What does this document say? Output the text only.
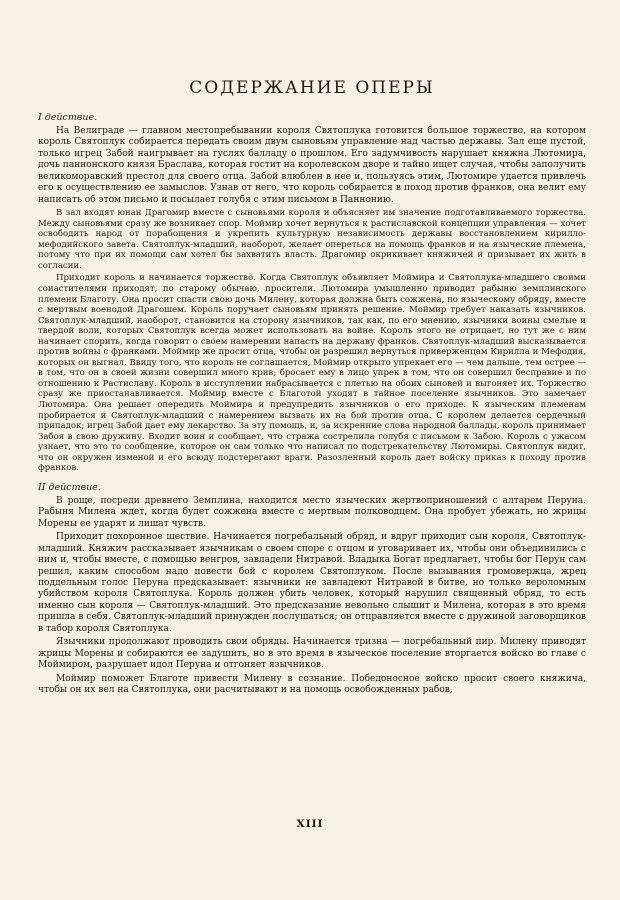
СОДЕРЖАНИЕ ОПЕРЫ
I действие.

На Велиграде — главном местопребывании короля Святоплука готовится большое торжество, на котором король Святоплук собирается передать своим двум сыновьям управление над частью державы. Зал еще пустой, только игрец Забой наигрывает на гуслях балладу о прошлом. Его задумчивость нарушает княжна Лютомира, дочь паннонского князя Браслава, которая гостит на королевском дворе и тайно ищет случая, чтобы заполучить великоморавский престол для своего отца. Забой влюблен в нее и, пользуясь этим, Лютомире удается привлечь его к осуществлению ее замыслов. Узнав от него, что король собирается в поход против франков, она велит ему написать об этом письмо и посылает голубя с этим письмом в Паннонию.

В зал входят юнан Драгомир вместе с сыновьями короля и объясняет им значение подготавливаемого торжества. Между сыновьями сразу же возникает спор. Моймир хочет вернуться к растиславской концепции управления — хочет освободить народ от порабощения и укрепить культурную независимость державы восстановлением кирилло-мефодийского завета. Святоплук-младший, наоборот, желает опереться на помощь франков и на языческие племена, потому что при их помощи сам хотел бы захватить власть. Драгомир окрикивает княжичей и призывает их жить в согласии.

Приходит король и начинается торжество. Когда Святоплук объявляет Моймира и Святоплука-младшего своими соиастителями приходят, по старому обычаю, просители. Лютомира умышленно приводит рабыню земплинского племени Благоту. Она просит спасти свою дочь Милену, которая должна быть сожжена, по языческому обряду, вместе с мертвым военодой Драгошем. Король поручает сыновьям принять решение. Моймир требует наказать язычников. Святоплук-младший, наоборот, становится на сторону язычников, так как, по его мнению, язычники воины смелые и твердой воли, которых Святоплук всегда может использовать на войне. Король этого не отрицает, но тут же с ним начинает спорить, когда говорит о своем намерении напасть на державу франков. Святоплук-младший высказывается против войны с франками. Моймир же просит отца, чтобы он разрешил вернуться приверженцам Кирилла и Мефодия, которых он выгнал. Ввиду того, что король не соглашается, Моймир открыто упрекает его — чем дальше, тем острее — в том, что он в своей жизни совершил много крив; бросает ему в лицо упрек в том, что он совершил бесправие и по отношению к Растиславу. Король в исступлении набрасывается с плетью на обоих сыновей и выгоняет их. Торжество сразу же приостанавливается. Моймир вместе с Благотой уходят в тайное поселение язычников. Это замечает Лютомира. Она решает опередить Моймира и предупредить язычников о его приходе. К языческим племенам пробирается и Святоплук-младший с намерением вызвать их на бой против отца. С королем делается сердечный припадок; игрец Забой дает ему лекарство. За эту помощь, и, за искренние слова народной баллады, король принимает Забоя в свою дружину. Входит воин и сообщает, что стража сострелила голубя с письмом к Забою. Король с ужасом узнает, что это то сообщение, которое он сам только что написал по подстрекательству Лютомиры. Святоплук видит, что он окружен изменой и его всюду подстерегают враги. Разозленный король дает войску приказ к походу против франков.

II действие.

В роще, посреди древнего Земплина, находится место языческих жертвоприношений с алтарем Перуна. Рабыня Милена ждет, когда будет сожжена вместе с мертвым полководцем. Она пробует убежать, но жрицы Морены ее ударят и лишат чувств.

Приходит похоронное шествие. Начинается погребальный обряд, и вдруг приходит сын короля, Святоплук-младший. Княжич рассказывает язычникам о своем споре с отцом и уговаривает их, чтобы они объединились с ним и, чтобы вместе, с помощью венгров, завладели Нитравой. Владыка Богат предлагает, чтобы бог Перун сам решил, каким способом надо повести бой с королем Святоплуком. После вызывания громовержца, жрец поддельным голос Перуна предсказывает: язычники не завладеют Нитравой в битве, но только вероломным убийством короля Святоплука. Король должен убить человек, который нарушил священный обряд, то есть именно сын короля — Святоплук-младший. Это предсказание невольно слышит и Милена, которая в это время пришла в себя. Святоплук-младший принужден послушаться; он отправляется вместе с дружиной заговорщиков в табор короля Святоплука.

Язычники продолжают проводить свои обряды. Начинается тризна — погребальный пир. Милену приводят жрицы Морены и собираются ее задушить, но в это время в языческое поселение вторгается войско во главе с Моймиром, разрушает идол Перуна и отгоняет язычников.

Моймир поможет Благоте привести Милену в сознание. Победоносное войско просит своего княжича, чтобы он их вел на Святоплука, они расчитывают и на помощь освобожденных рабов,

XIII
